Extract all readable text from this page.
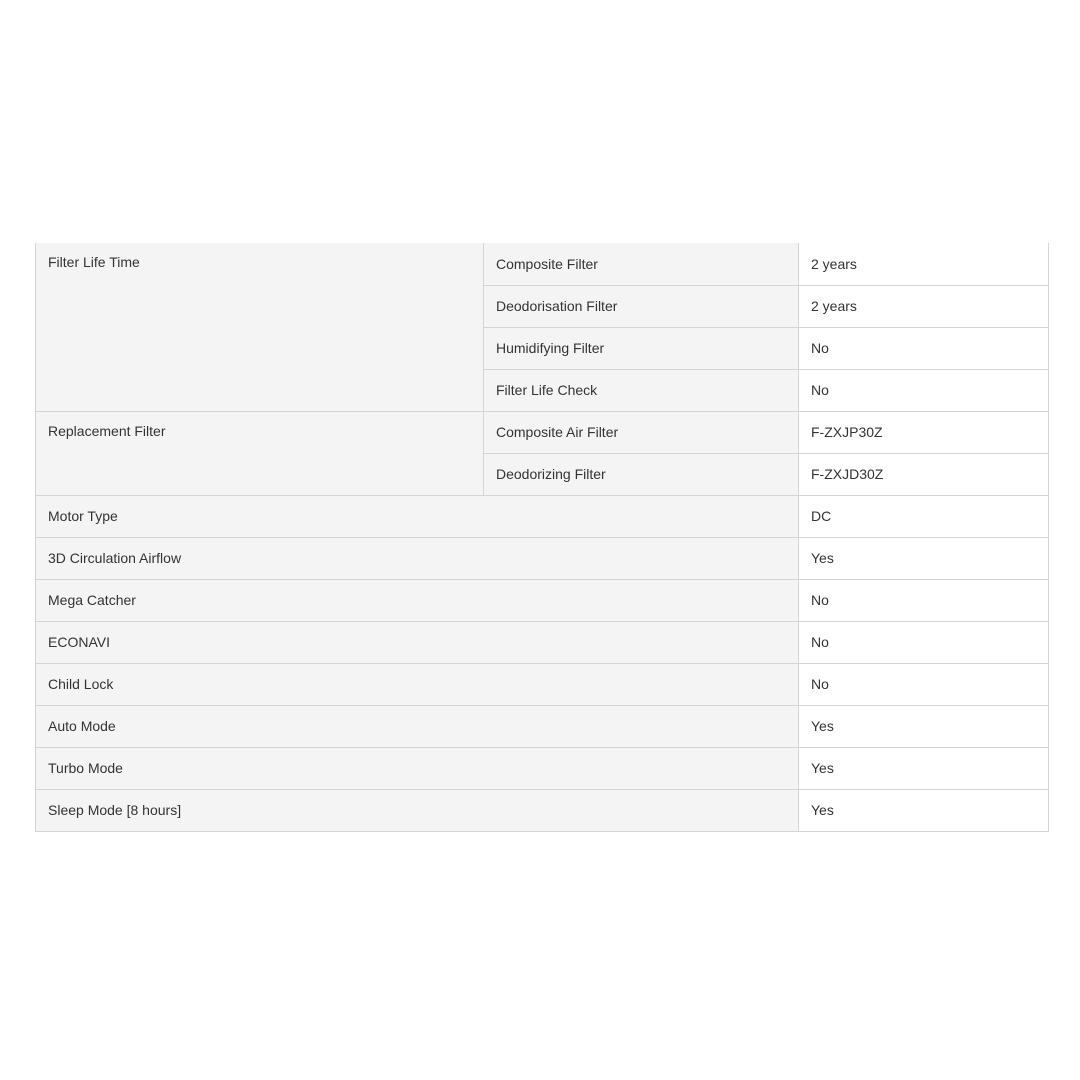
Filter Life Time	Composite Filter	2 years
	Deodorisation Filter	2 years
	Humidifying Filter	No
	Filter Life Check	No
Replacement Filter	Composite Air Filter	F-ZXJP30Z
	Deodorizing Filter	F-ZXJD30Z
Motor Type		DC
3D Circulation Airflow		Yes
Mega Catcher		No
ECONAVI		No
Child Lock		No
Auto Mode		Yes
Turbo Mode		Yes
Sleep Mode [8 hours]		Yes
